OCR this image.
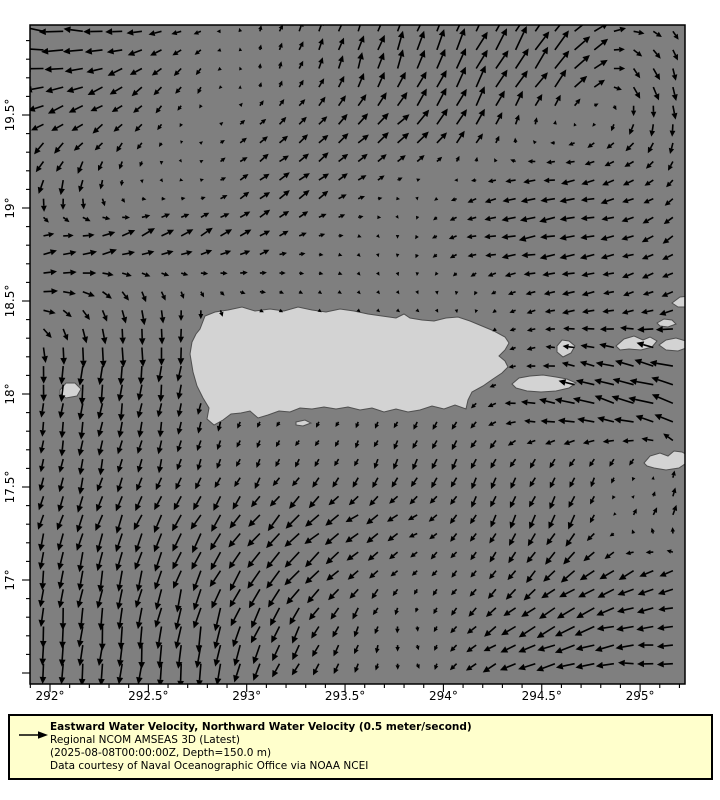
292°	292.5°	293°	293.5°	294°	294.5°	295°
17°
17.5°
18°
18.5°
19°
19.5°
Eastward Water Velocity, Northward Water Velocity (0.5 meter/second)
Regional NCOM AMSEAS 3D (Latest)
(2025-08-08T00:00:00Z, Depth=150.0 m)
Data courtesy of Naval Oceanographic Office via NOAA NCEI
